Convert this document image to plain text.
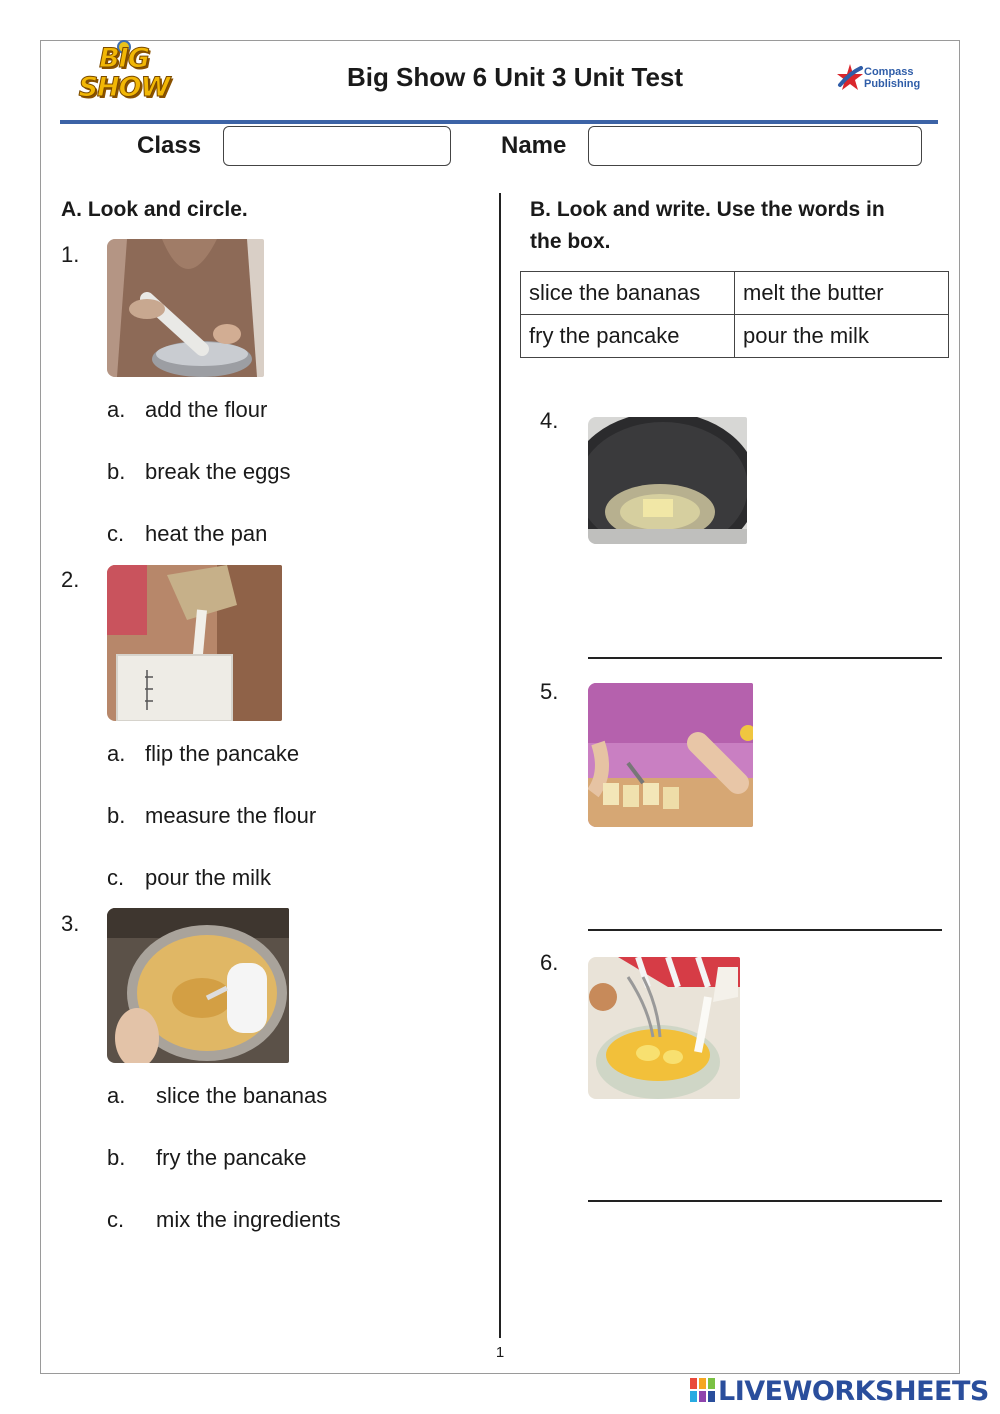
BIG
SHOW	Big Show 6 Unit 3 Unit Test	Compass
Publishing
Class	Name
A. Look and circle.
1.
a. add the flour
b. break the eggs
c. heat the pan
2.
a. flip the pancake
b. measure the flour
c. pour the milk
3.
a. slice the bananas
b. fry the pancake
c. mix the ingredients
B. Look and write. Use the words in
the box.
slice the bananas	melt the butter
fry the pancake	pour the milk
4.
5.
6.
1
LIVEWORKSHEETS
